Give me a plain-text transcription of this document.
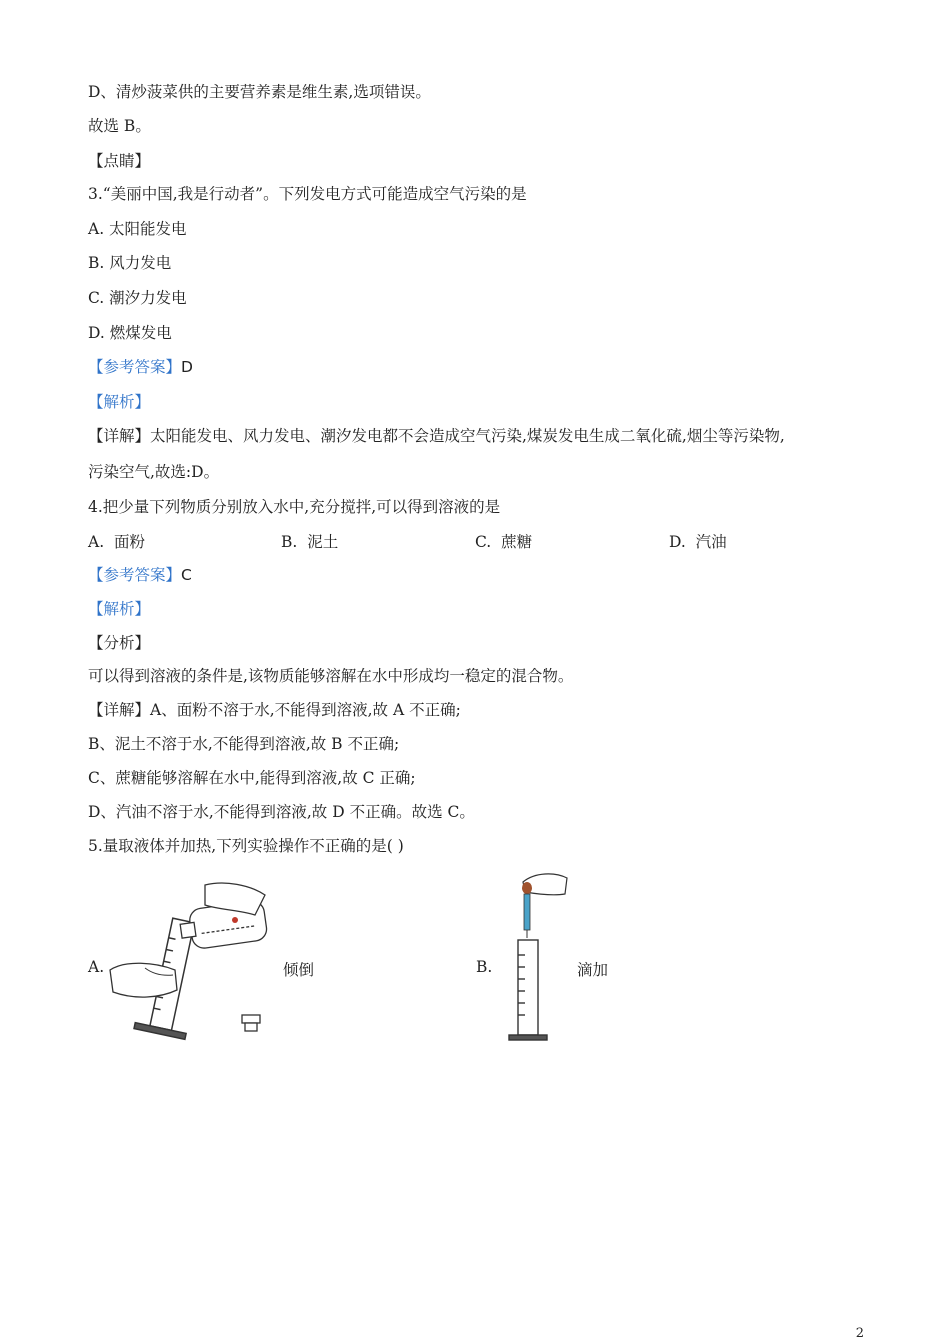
D、清炒菠菜供的主要营养素是维生素,选项错误。
故选 B。
【点睛】
3.“美丽中国,我是行动者”。下列发电方式可能造成空气污染的是
A. 太阳能发电
B. 风力发电
C. 潮汐力发电
D. 燃煤发电
【参考答案】D
【解析】
【详解】太阳能发电、风力发电、潮汐发电都不会造成空气污染,煤炭发电生成二氧化硫,烟尘等污染物,
污染空气,故选:D。
4.把少量下列物质分别放入水中,充分搅拌,可以得到溶液的是
A. 面粉	B. 泥土	C. 蔗糖	D. 汽油
【参考答案】C
【解析】
【分析】
可以得到溶液的条件是,该物质能够溶解在水中形成均一稳定的混合物。
【详解】A、面粉不溶于水,不能得到溶液,故 A 不正确;
B、泥土不溶于水,不能得到溶液,故 B 不正确;
C、蔗糖能够溶解在水中,能得到溶液,故 C 正确;
D、汽油不溶于水,不能得到溶液,故 D 不正确。故选 C。
5.量取液体并加热,下列实验操作不正确的是( )
A.	倾倒	B.	滴加
2
